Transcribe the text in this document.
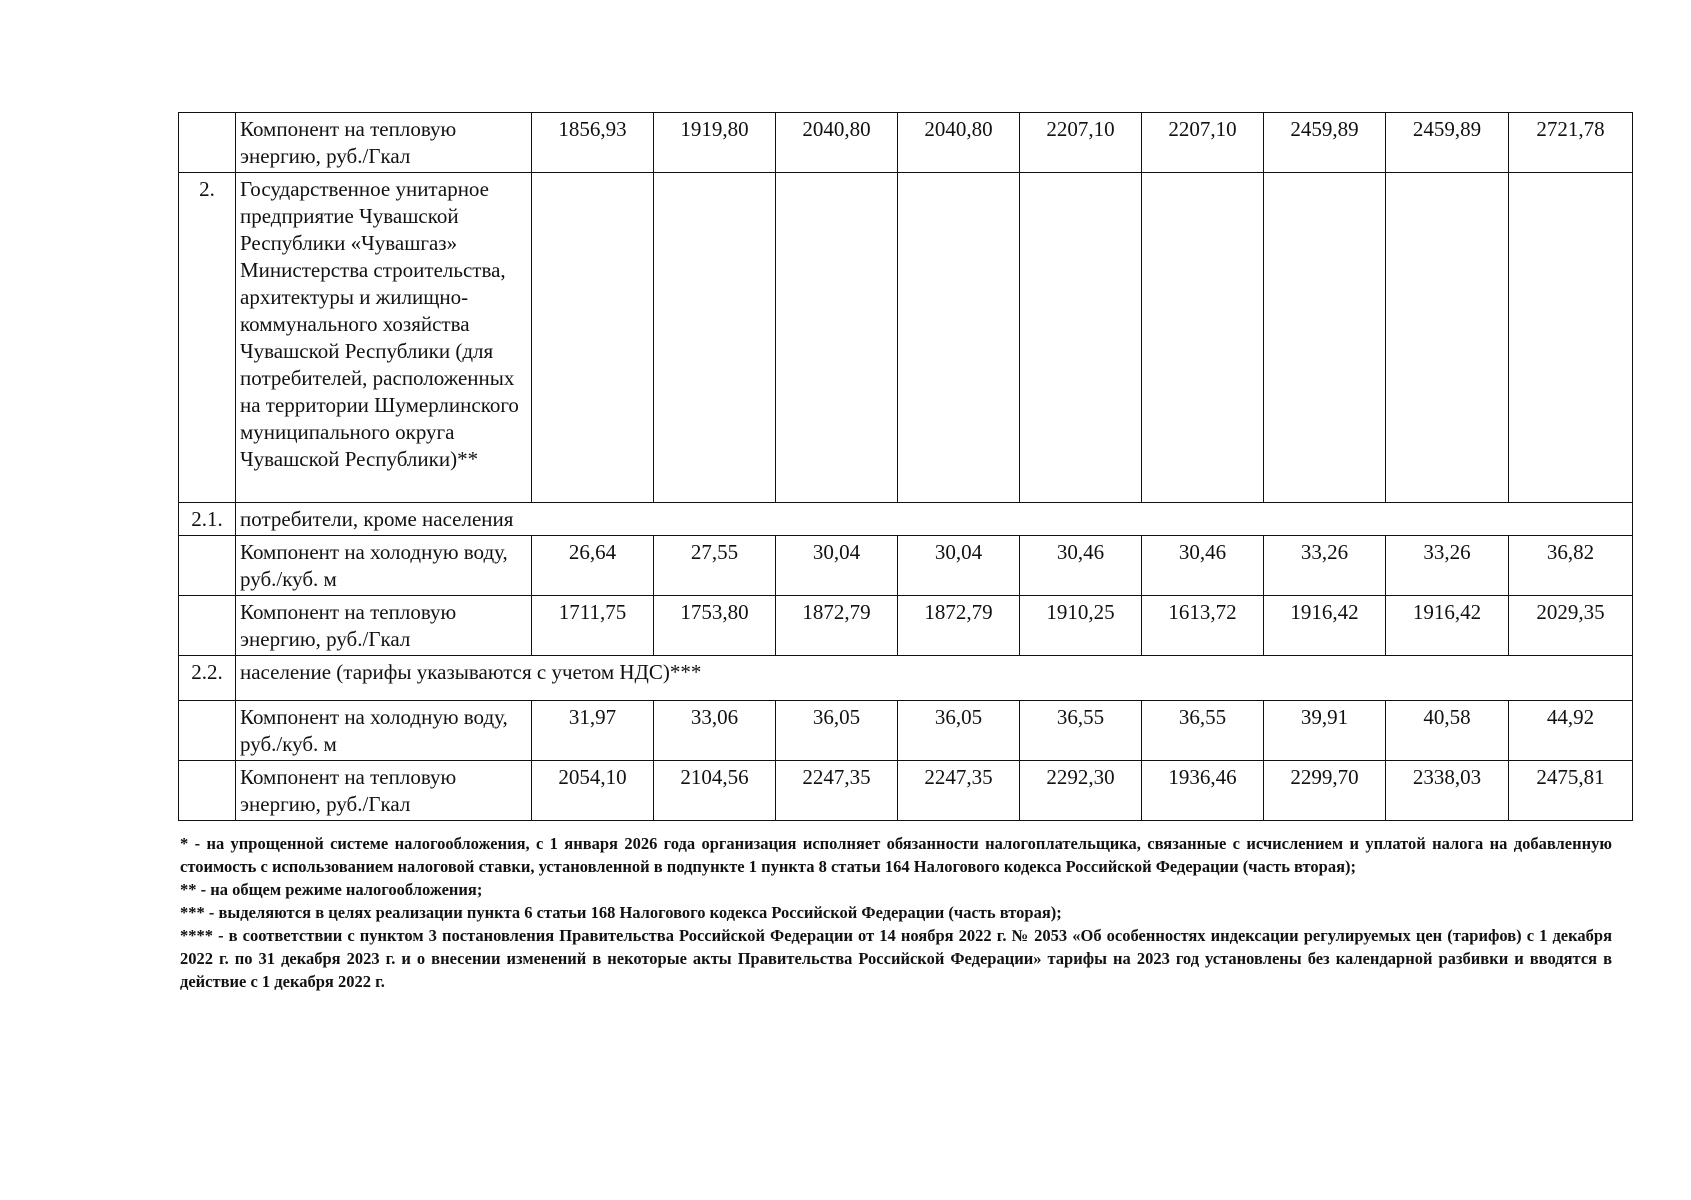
	Компонент на тепловую энергию, руб./Гкал	1856,93	1919,80	2040,80	2040,80	2207,10	2207,10	2459,89	2459,89	2721,78
2.	Государственное унитарное предприятие Чувашской Республики «Чувашгаз» Министерства строительства, архитектуры и жилищно-коммунального хозяйства Чувашской Республики (для потребителей, расположенных на территории Шумерлинского муниципального округа Чувашской Республики)**									
2.1.	потребители, кроме населения									
	Компонент на холодную воду, руб./куб. м	26,64	27,55	30,04	30,04	30,46	30,46	33,26	33,26	36,82
	Компонент на тепловую энергию, руб./Гкал	1711,75	1753,80	1872,79	1872,79	1910,25	1613,72	1916,42	1916,42	2029,35
2.2.	население (тарифы указываются с учетом НДС)***									
	Компонент на холодную воду, руб./куб. м	31,97	33,06	36,05	36,05	36,55	36,55	39,91	40,58	44,92
	Компонент на тепловую энергию, руб./Гкал	2054,10	2104,56	2247,35	2247,35	2292,30	1936,46	2299,70	2338,03	2475,81

* - на упрощенной системе налогообложения, с 1 января 2026 года организация исполняет обязанности налогоплательщика, связанные с исчислением и уплатой налога на добавленную стоимость с использованием налоговой ставки, установленной в подпункте 1 пункта 8 статьи 164 Налогового кодекса Российской Федерации (часть вторая);

** - на общем режиме налогообложения;

*** - выделяются в целях реализации пункта 6 статьи 168 Налогового кодекса Российской Федерации (часть вторая);

**** - в соответствии с пунктом 3 постановления Правительства Российской Федерации от 14 ноября 2022 г. № 2053 «Об особенностях индексации регулируемых цен (тарифов) с 1 декабря 2022 г. по 31 декабря 2023 г. и о внесении изменений в некоторые акты Правительства Российской Федерации» тарифы на 2023 год установлены без календарной разбивки и вводятся в действие с 1 декабря 2022 г.
